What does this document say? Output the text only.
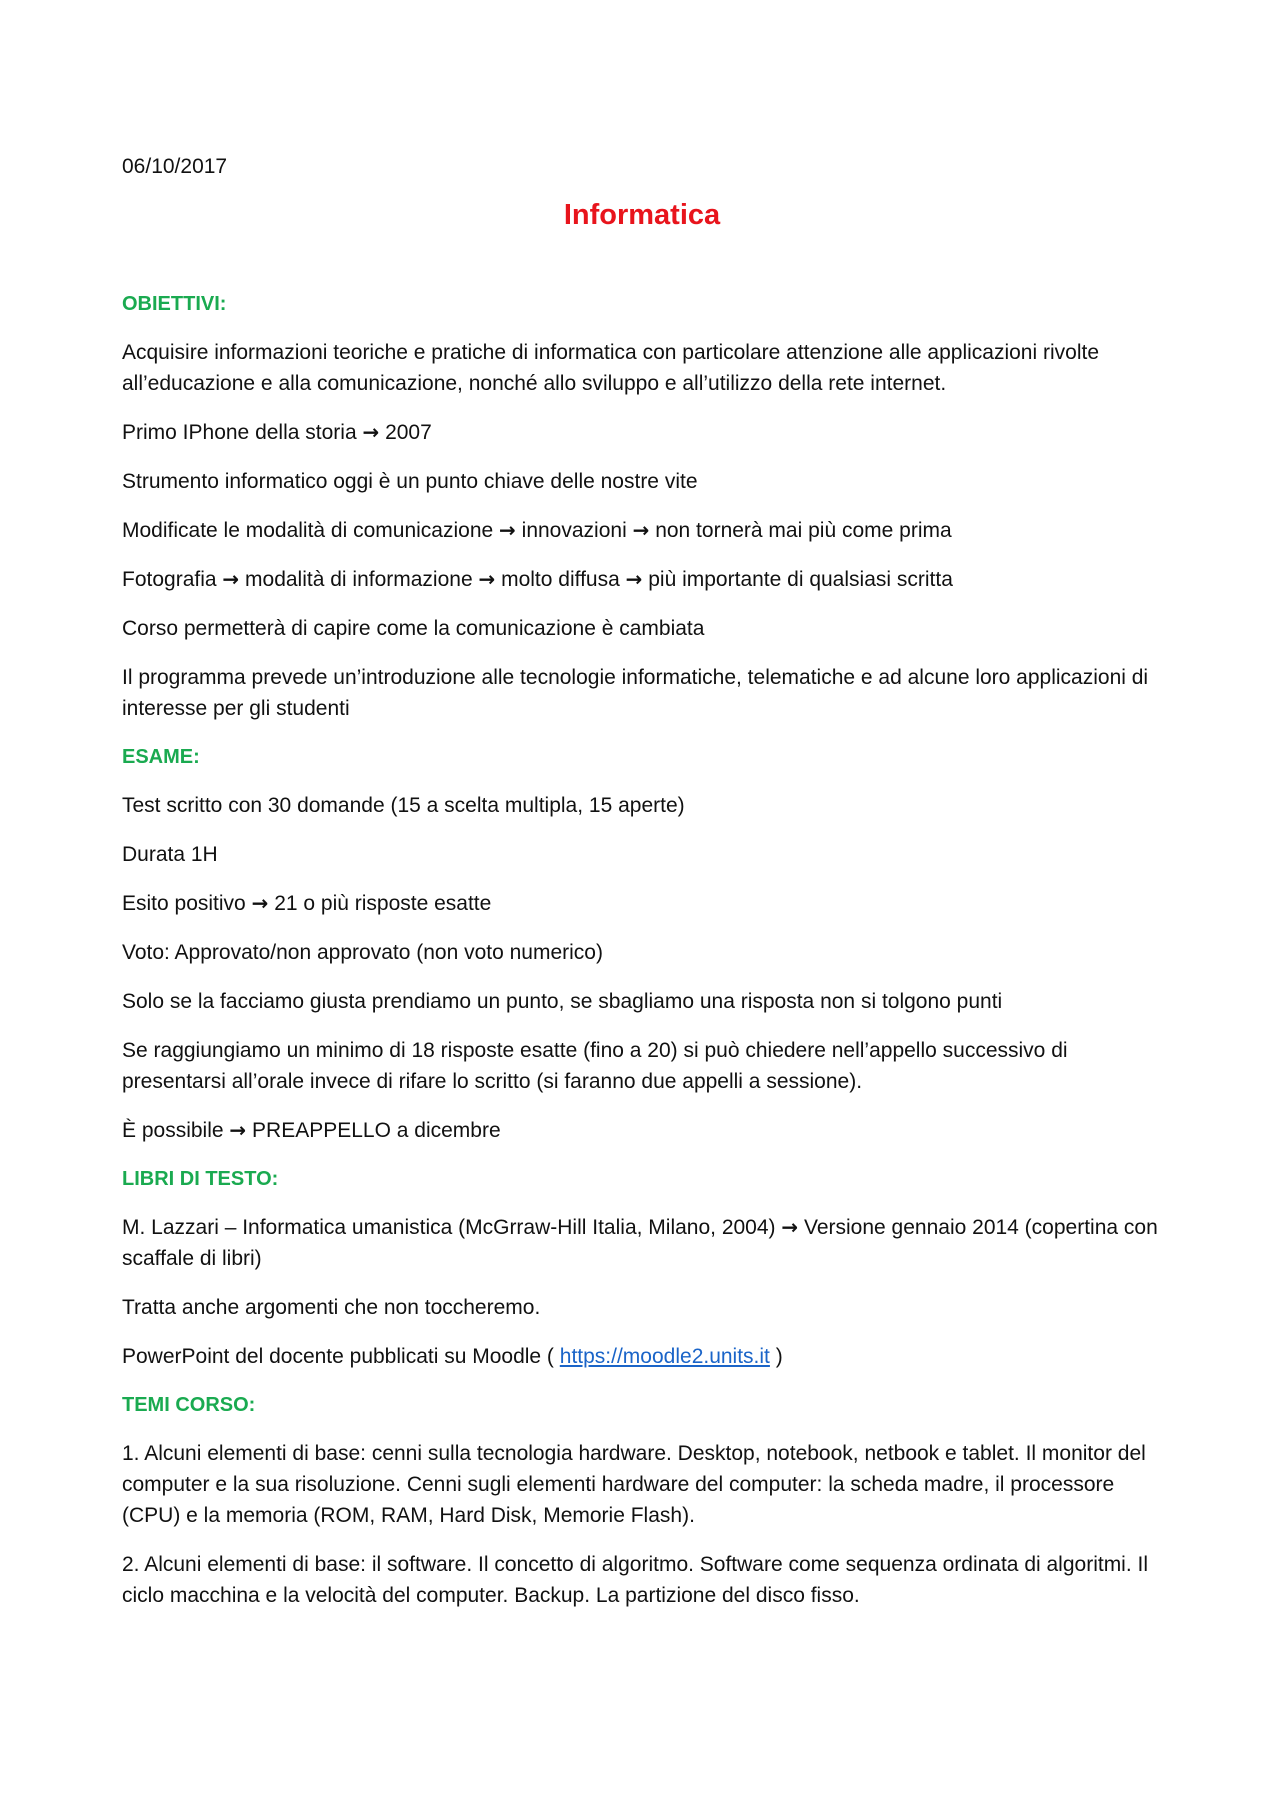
06/10/2017
Informatica
OBIETTIVI:

Acquisire informazioni teoriche e pratiche di informatica con particolare attenzione alle applicazioni rivolte all’educazione e alla comunicazione, nonché allo sviluppo e all’utilizzo della rete internet.

Primo IPhone della storia → 2007

Strumento informatico oggi è un punto chiave delle nostre vite

Modificate le modalità di comunicazione → innovazioni → non tornerà mai più come prima

Fotografia → modalità di informazione → molto diffusa → più importante di qualsiasi scritta

Corso permetterà di capire come la comunicazione è cambiata

Il programma prevede un’introduzione alle tecnologie informatiche, telematiche e ad alcune loro applicazioni di interesse per gli studenti

ESAME:

Test scritto con 30 domande (15 a scelta multipla, 15 aperte)

Durata 1H

Esito positivo → 21 o più risposte esatte

Voto: Approvato/non approvato (non voto numerico)

Solo se la facciamo giusta prendiamo un punto, se sbagliamo una risposta non si tolgono punti

Se raggiungiamo un minimo di 18 risposte esatte (fino a 20) si può chiedere nell’appello successivo di presentarsi all’orale invece di rifare lo scritto (si faranno due appelli a sessione).

È possibile → PREAPPELLO a dicembre

LIBRI DI TESTO:

M. Lazzari – Informatica umanistica (McGrraw-Hill Italia, Milano, 2004) → Versione gennaio 2014 (copertina con scaffale di libri)

Tratta anche argomenti che non toccheremo.

PowerPoint del docente pubblicati su Moodle ( https://moodle2.units.it )

TEMI CORSO:

1. Alcuni elementi di base: cenni sulla tecnologia hardware. Desktop, notebook, netbook e tablet. Il monitor del computer e la sua risoluzione. Cenni sugli elementi hardware del computer: la scheda madre, il processore (CPU) e la memoria (ROM, RAM, Hard Disk, Memorie Flash).

2. Alcuni elementi di base: il software. Il concetto di algoritmo. Software come sequenza ordinata di algoritmi. Il ciclo macchina e la velocità del computer. Backup. La partizione del disco fisso.
